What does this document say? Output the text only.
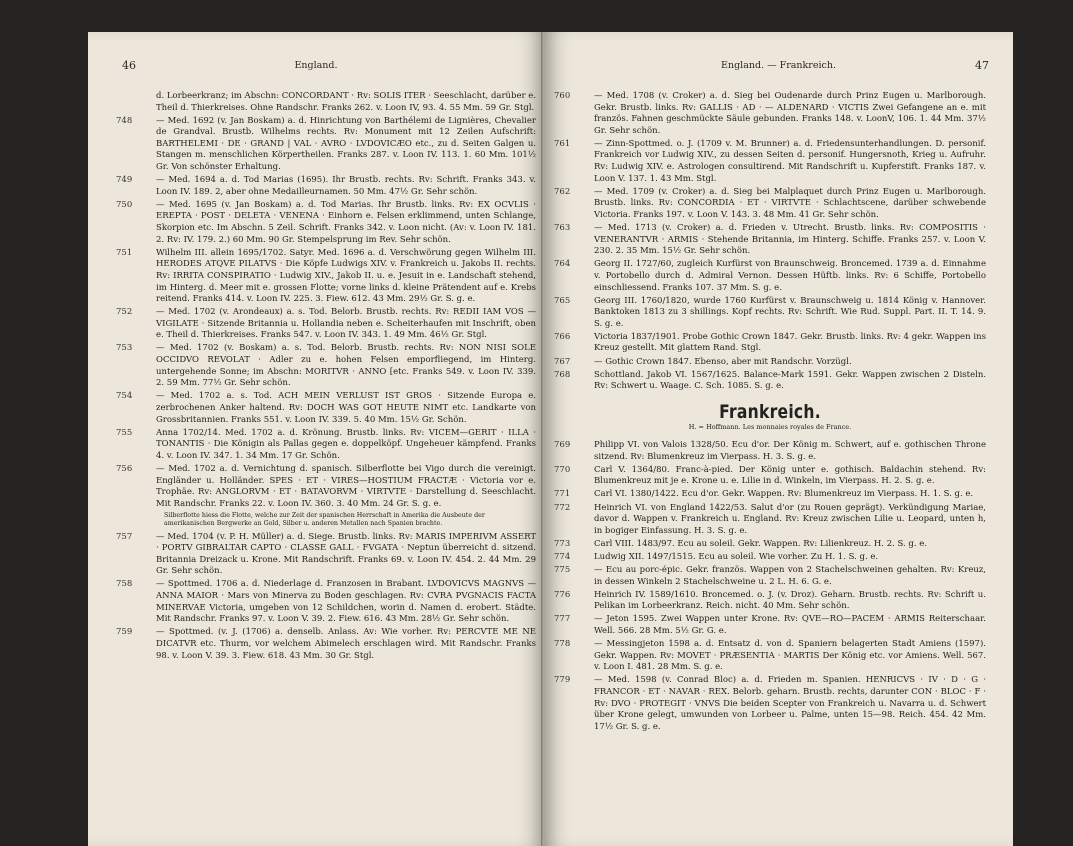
46	England.
d. Lorbeerkranz; im Abschn: CONCORDANT · Rv: SOLIS ITER · Seeschlacht, darüber e. Theil d. Thierkreises. Ohne Randschr. Franks 262. v. Loon IV, 93. 4. 55 Mm. 59 Gr. Stgl.
748	— Med. 1692 (v. Jan Boskam) a. d. Hinrichtung von Barthélemi de Lignières, Chevalier de Grandval. Brustb. Wilhelms rechts. Rv: Monument mit 12 Zeilen Aufschrift: BARTHELEMI · DE · GRAND | VAL · AVRO · LVDOVICÆO etc., zu d. Seiten Galgen u. Stangen m. menschlichen Körpertheilen. Franks 287. v. Loon IV. 113. 1. 60 Mm. 101½ Gr. Von schönster Erhaltung.
749	— Med. 1694 a. d. Tod Marias (1695). Ihr Brustb. rechts. Rv: Schrift. Franks 343. v. Loon IV. 189. 2, aber ohne Medailleurnamen. 50 Mm. 47½ Gr. Sehr schön.
750	— Med. 1695 (v. Jan Boskam) a. d. Tod Marias. Ihr Brustb. links. Rv: EX OCVLIS · EREPTA · POST · DELETA · VENENA · Einhorn e. Felsen erklimmend, unten Schlange, Skorpion etc. Im Abschn. 5 Zeil. Schrift. Franks 342. v. Loon nicht. (Av: v. Loon IV. 181. 2. Rv: IV. 179. 2.) 60 Mm. 90 Gr. Stempelsprung im Rev. Sehr schön.
751	Wilhelm III. allein 1695/1702. Satyr. Med. 1696 a. d. Verschwörung gegen Wilhelm III. HERODES ATQVE PILATVS · Die Köpfe Ludwigs XIV. v. Frankreich u. Jakobs II. rechts. Rv: IRRITA CONSPIRATIO · Ludwig XIV., Jakob II. u. e. Jesuit in e. Landschaft stehend, im Hinterg. d. Meer mit e. grossen Flotte; vorne links d. kleine Prätendent auf e. Krebs reitend. Franks 414. v. Loon IV. 225. 3. Fiew. 612. 43 Mm. 29½ Gr. S. g. e.
752	— Med. 1702 (v. Arondeaux) a. s. Tod. Belorb. Brustb. rechts. Rv: REDII IAM VOS — VIGILATE · Sitzende Britannia u. Hollandia neben e. Scheiterhaufen mit Inschrift, oben e. Theil d. Thierkreises. Franks 547. v. Loon IV. 343. 1. 49 Mm. 46½ Gr. Stgl.
753	— Med. 1702 (v. Boskam) a. s. Tod. Belorb. Brustb. rechts. Rv: NON NISI SOLE OCCIDVO REVOLAT · Adler zu e. hohen Felsen emporfliegend, im Hinterg. untergehende Sonne; im Abschn: MORITVR · ANNO [etc. Franks 549. v. Loon IV. 339. 2. 59 Mm. 77½ Gr. Sehr schön.
754	— Med. 1702 a. s. Tod. ACH MEIN VERLUST IST GROS · Sitzende Europa e. zerbrochenen Anker haltend. Rv: DOCH WAS GOT HEUTE NIMT etc. Landkarte von Grossbritannien. Franks 551. v. Loon IV. 339. 5. 40 Mm. 15½ Gr. Schön.
755	Anna 1702/14. Med. 1702 a. d. Krönung. Brustb. links. Rv: VICEM—GERIT · ILLA · TONANTIS · Die Königin als Pallas gegen e. doppelköpf. Ungeheuer kämpfend. Franks 4. v. Loon IV. 347. 1. 34 Mm. 17 Gr. Schön.
756	— Med. 1702 a. d. Vernichtung d. spanisch. Silberflotte bei Vigo durch die vereinigt. Engländer u. Holländer. SPES · ET · VIRES—HOSTIUM FRACTÆ · Victoria vor e. Trophäe. Rv: ANGLORVM · ET · BATAVORVM · VIRTVTE · Darstellung d. Seeschlacht. Mit Randschr. Franks 22. v. Loon IV. 360. 3. 40 Mm. 24 Gr. S. g. e.
Silberflotte hiess die Flotte, welche zur Zeit der spanischen Herrschaft in Amerika die Ausbeute der amerikanischen Bergwerke an Gold, Silber u. anderen Metallen nach Spanien brachte.
757	— Med. 1704 (v. P. H. Müller) a. d. Siege. Brustb. links. Rv: MARIS IMPERIVM ASSERT · PORTV GIBRALTAR CAPTO · CLASSE GALL · FVGATA · Neptun überreicht d. sitzend. Britannia Dreizack u. Krone. Mit Randschrift. Franks 69. v. Loon IV. 454. 2. 44 Mm. 29 Gr. Sehr schön.
758	— Spottmed. 1706 a. d. Niederlage d. Franzosen in Brabant. LVDOVICVS MAGNVS — ANNA MAIOR · Mars von Minerva zu Boden geschlagen. Rv: CVRA PVGNACIS FACTA MINERVAE Victoria, umgeben von 12 Schildchen, worin d. Namen d. erobert. Städte. Mit Randschr. Franks 97. v. Loon V. 39. 2. Fiew. 616. 43 Mm. 28½ Gr. Sehr schön.
759	— Spottmed. (v. J. (1706) a. denselb. Anlass. Av: Wie vorher. Rv: PERCVTE ME NE DICATVR etc. Thurm, vor welchem Abimelech erschlagen wird. Mit Randschr. Franks 98. v. Loon V. 39. 3. Fiew. 618. 43 Mm. 30 Gr. Stgl.
England. — Frankreich.	47
760	— Med. 1708 (v. Croker) a. d. Sieg bei Oudenarde durch Prinz Eugen u. Marlborough. Gekr. Brustb. links. Rv: GALLIS · AD · — ALDENARD · VICTIS Zwei Gefangene an e. mit französ. Fahnen geschmückte Säule gebunden. Franks 148. v. LoonV, 106. 1. 44 Mm. 37½ Gr. Sehr schön.
761	— Zinn-Spottmed. o. J. (1709 v. M. Brunner) a. d. Friedensunterhandlungen. D. personif. Frankreich vor Ludwig XIV., zu dessen Seiten d. personif. Hungersnoth, Krieg u. Aufruhr. Rv: Ludwig XIV. e. Astrologen consultirend. Mit Randschrift u. Kupferstift. Franks 187. v. Loon V. 137. 1. 43 Mm. Stgl.
762	— Med. 1709 (v. Croker) a. d. Sieg bei Malplaquet durch Prinz Eugen u. Marlborough. Brustb. links. Rv: CONCORDIA · ET · VIRTVTE · Schlachtscene, darüber schwebende Victoria. Franks 197. v. Loon V. 143. 3. 48 Mm. 41 Gr. Sehr schön.
763	— Med. 1713 (v. Croker) a. d. Frieden v. Utrecht. Brustb. links. Rv: COMPOSITIS · VENERANTVR · ARMIS · Stehende Britannia, im Hinterg. Schiffe. Franks 257. v. Loon V. 230. 2. 35 Mm. 15½ Gr. Sehr schön.
764	Georg II. 1727/60, zugleich Kurfürst von Braunschweig. Broncemed. 1739 a. d. Einnahme v. Portobello durch d. Admiral Vernon. Dessen Hüftb. links. Rv: 6 Schiffe, Portobello einschliessend. Franks 107. 37 Mm. S. g. e.
765	Georg III. 1760/1820, wurde 1760 Kurfürst v. Braunschweig u. 1814 König v. Hannover. Banktoken 1813 zu 3 shillings. Kopf rechts. Rv: Schrift. Wie Rud. Suppl. Part. II. T. 14. 9. S. g. e.
766	Victoria 1837/1901. Probe Gothic Crown 1847. Gekr. Brustb. links. Rv: 4 gekr. Wappen ins Kreuz gestellt. Mit glattem Rand. Stgl.
767	— Gothic Crown 1847. Ebenso, aber mit Randschr. Vorzügl.
768	Schottland. Jakob VI. 1567/1625. Balance-Mark 1591. Gekr. Wappen zwischen 2 Disteln. Rv: Schwert u. Waage. C. Sch. 1085. S. g. e.
Frankreich.
H. = Hoffmann. Les monnaies royales de France.
769	Philipp VI. von Valois 1328/50. Ecu d'or. Der König m. Schwert, auf e. gothischen Throne sitzend. Rv: Blumenkreuz im Vierpass. H. 3. S. g. e.
770	Carl V. 1364/80. Franc-à-pied. Der König unter e. gothisch. Baldachin stehend. Rv: Blumenkreuz mit je e. Krone u. e. Lilie in d. Winkeln, im Vierpass. H. 2. S. g. e.
771	Carl VI. 1380/1422. Ecu d'or. Gekr. Wappen. Rv: Blumenkreuz im Vierpass. H. 1. S. g. e.
772	Heinrich VI. von England 1422/53. Salut d'or (zu Rouen geprägt). Verkündigung Mariae, davor d. Wappen v. Frankreich u. England. Rv: Kreuz zwischen Lilie u. Leopard, unten h, in bogiger Einfassung. H. 3. S. g. e.
773	Carl VIII. 1483/97. Ecu au soleil. Gekr. Wappen. Rv: Lilienkreuz. H. 2. S. g. e.
774	Ludwig XII. 1497/1515. Ecu au soleil. Wie vorher. Zu H. 1. S. g. e.
775	— Ecu au porc-épic. Gekr. französ. Wappen von 2 Stachelschweinen gehalten. Rv: Kreuz, in dessen Winkeln 2 Stachelschweine u. 2 L. H. 6. G. e.
776	Heinrich IV. 1589/1610. Broncemed. o. J. (v. Droz). Geharn. Brustb. rechts. Rv: Schrift u. Pelikan im Lorbeerkranz. Reich. nicht. 40 Mm. Sehr schön.
777	— Jeton 1595. Zwei Wappen unter Krone. Rv: QVE—RO—PACEM · ARMIS Reiterschaar. Well. 566. 28 Mm. 5½ Gr. G. e.
778	— Messingjeton 1598 a. d. Entsatz d. von d. Spaniern belagerten Stadt Amiens (1597). Gekr. Wappen. Rv: MOVET · PRÆSENTIA · MARTIS Der König etc. vor Amiens. Well. 567. v. Loon I. 481. 28 Mm. S. g. e.
779	— Med. 1598 (v. Conrad Bloc) a. d. Frieden m. Spanien. HENRICVS · IV · D · G · FRANCOR · ET · NAVAR · REX. Belorb. geharn. Brustb. rechts, darunter CON · BLOC · F · Rv: DVO · PROTEGIT · VNVS Die beiden Scepter von Frankreich u. Navarra u. d. Schwert über Krone gelegt, umwunden von Lorbeer u. Palme, unten 15—98. Reich. 454. 42 Mm. 17½ Gr. S. g. e.
